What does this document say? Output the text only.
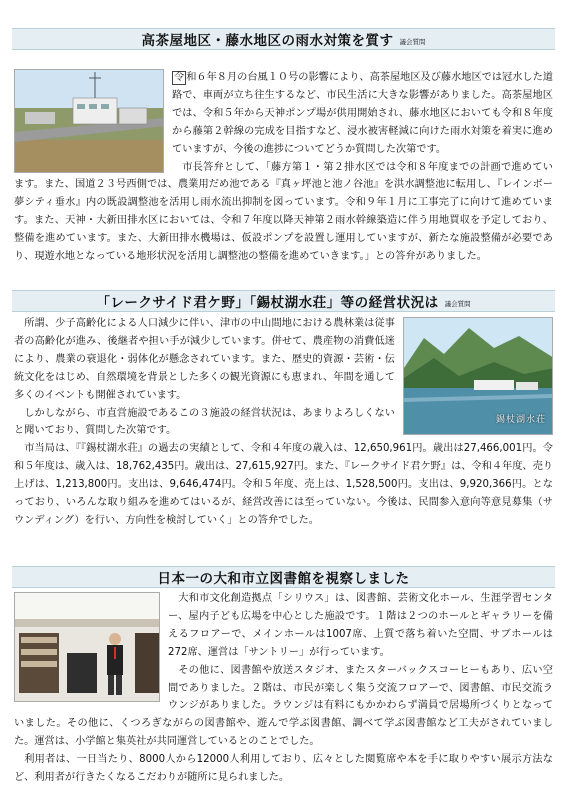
高茶屋地区・藤水地区の雨水対策を質す 議会質問

令 和６年８月の台風１０号の影響により、高茶屋地区及び藤水地区では冠水した道路で、車両が立ち往生するなど、市民生活に大きな影響がありました。高茶屋地区では、令和５年から天神ポンプ場が供用開始され、藤水地区においても令和８年度から藤第２幹線の完成を目指すなど、浸水被害軽減に向けた雨水対策を着実に進めていますが、今後の進捗についてどうか質問した次第です。

市長答弁として、「藤方第１・第２排水区では令和８年度までの計画で進めています。また、国道２３号西側では、農業用だめ池である『真ヶ坪池と池ノ谷池』を洪水調整池に転用し、『レインボー夢シティ垂水』内の既設調整池を活用し雨水流出抑制を図っています。令和９年１月に工事完了に向けて進めています。また、天神・大新田排水区においては、令和７年度以降天神第２雨水幹線築造に伴う用地買収を予定しており、整備を進めています。また、大新田排水機場は、仮設ポンプを設置し運用していますが、新たな施設整備が必要であり、現遊水地となっている地形状況を活用し調整池の整備を進めていきます。」との答弁がありました。

「レークサイド君ケ野」「錫杖湖水荘」等の経営状況は 議会質問
錫杖湖水荘

所謂、少子高齢化による人口減少に伴い、津市の中山間地における農林業は従事者の高齢化が進み、後継者や担い手が減少しています。併せて、農産物の消費低迷により、農業の衰退化・弱体化が懸念されています。また、歴史的資源・芸術・伝統文化をはじめ、自然環境を背景とした多くの観光資源にも恵まれ、年間を通して多くのイベントも開催されています。

しかしながら、市直営施設であるこの３施設の経営状況は、あまりよろしくないと聞いており、質問した次第です。

市当局は、『『錫杖湖水荘』の過去の実績として、令和４年度の歳入は、12,650,961円。歳出は27,466,001円。令和５年度は、歳入は、18,762,435円。歳出は、27,615,927円。また、『レークサイド君ケ野』は、令和４年度、売り上げは、1,213,800円。支出は、9,646,474円。令和５年度、売上は、1,528,500円。支出は、9,920,366円。となっており、いろんな取り組みを進めてはいるが、経営改善には至っていない。今後は、民間参入意向等意見募集（サウンディング）を行い、方向性を検討していく」との答弁でした。

日本一の大和市立図書館を視察しました

大和市文化創造拠点「シリウス」は、図書館、芸術文化ホール、生涯学習センター、屋内子ども広場を中心とした施設です。１階は２つのホールとギャラリーを備えるフロアーで、メインホールは1007席、上質で落ち着いた空間、サブホールは272席、運営は「サントリー」が行っています。

その他に、図書館や放送スタジオ、またスターバックスコーヒーもあり、広い空間でありました。２階は、市民が楽しく集う交流フロアーで、図書館、市民交流ラウンジがありました。ラウンジは有料にもかかわらず満員で居場所づくりとなっていました。その他に、くつろぎながらの図書館や、遊んで学ぶ図書館、調べて学ぶ図書館など工夫がされていました。運営は、小学館と集英社が共同運営しているとのことでした。

利用者は、一日当たり、8000人から12000人利用しており、広々とした閲覧席や本を手に取りやすい展示方法など、利用者が行きたくなるこだわりが随所に見られました。
